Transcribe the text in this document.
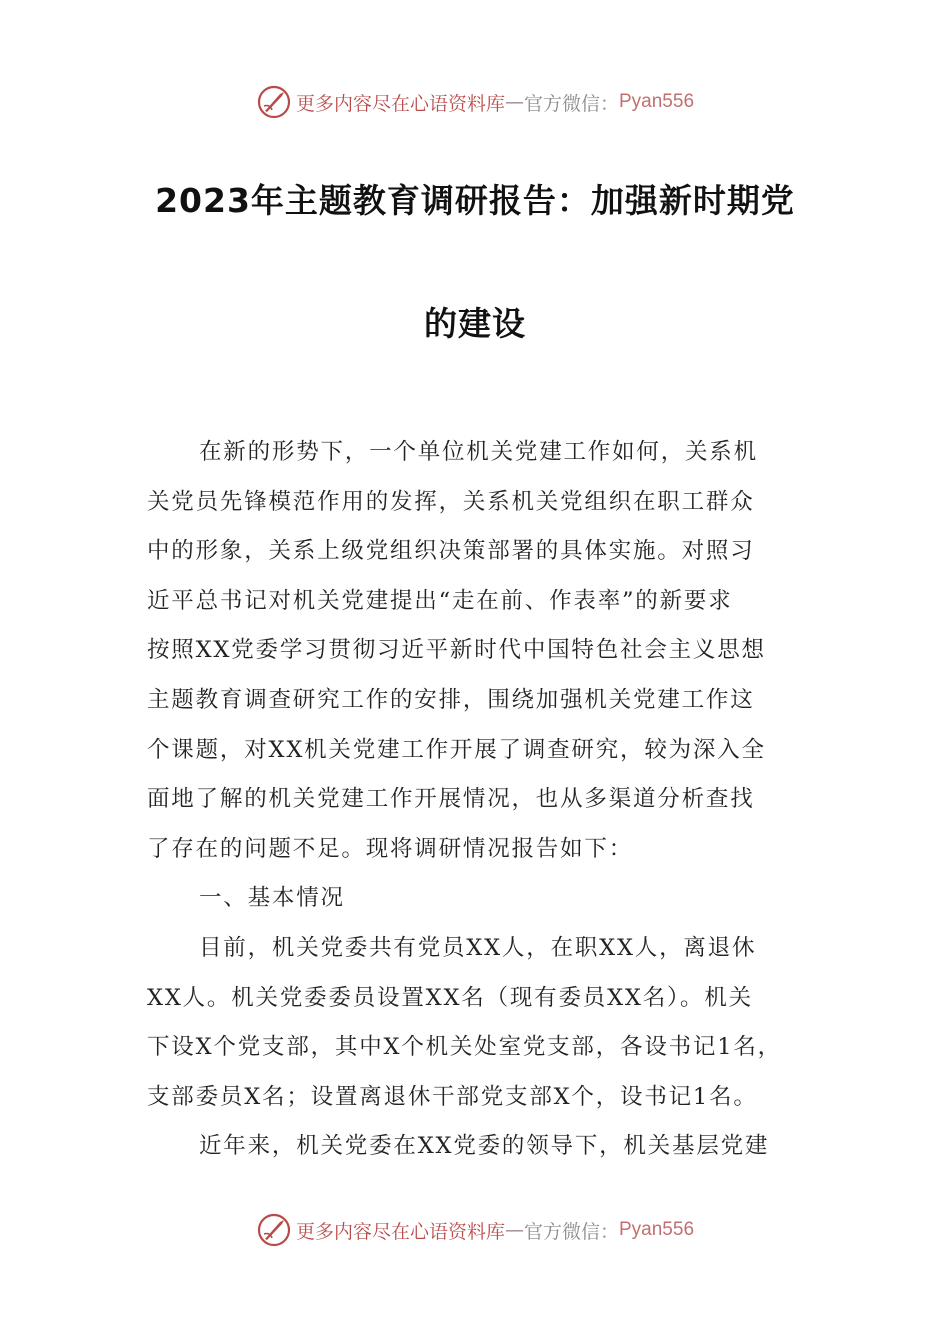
更多内容尽在心语资料库 — 官方微信： Pyan556
2023年主题教育调研报告：加强新时期党
的建设
在新的形势下，一个单位机关党建工作如何，关系机
关党员先锋模范作用的发挥，关系机关党组织在职工群众
中的形象，关系上级党组织决策部署的具体实施。对照习
近平总书记对机关党建提出“走在前、作表率”的新要求
按照XX党委学习贯彻习近平新时代中国特色社会主义思想
主题教育调查研究工作的安排，围绕加强机关党建工作这
个课题，对XX机关党建工作开展了调查研究，较为深入全
面地了解的机关党建工作开展情况，也从多渠道分析查找
了存在的问题不足。现将调研情况报告如下：
一、基本情况
目前，机关党委共有党员XX人，在职XX人，离退休
XX人。机关党委委员设置XX名（现有委员XX名）。机关
下设X个党支部，其中X个机关处室党支部，各设书记1名，
支部委员X名；设置离退休干部党支部X个，设书记1名。
近年来，机关党委在XX党委的领导下，机关基层党建
更多内容尽在心语资料库 — 官方微信： Pyan556
